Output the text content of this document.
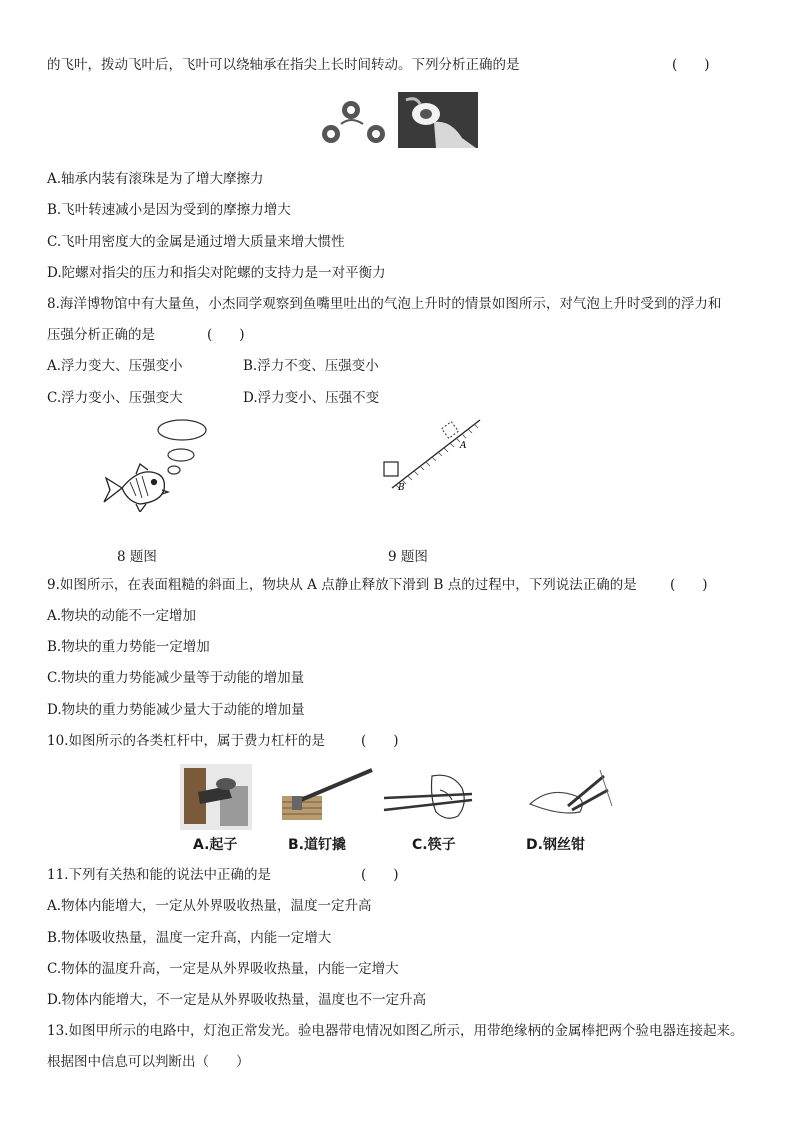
的飞叶，拨动飞叶后，飞叶可以绕轴承在指尖上长时间转动。下列分析正确的是	(　　)
A.轴承内装有滚珠是为了增大摩擦力
B.飞叶转速减小是因为受到的摩擦力增大
C.飞叶用密度大的金属是通过增大质量来增大惯性
D.陀螺对指尖的压力和指尖对陀螺的支持力是一对平衡力
8.海洋博物馆中有大量鱼，小杰同学观察到鱼嘴里吐出的气泡上升时的情景如图所示，对气泡上升时受到的浮力和
压强分析正确的是	(　　)
A.浮力变大、压强变小	B.浮力不变、压强变小
C.浮力变小、压强变大	D.浮力变小、压强不变
A
B
8 题图	9 题图
9.如图所示，在表面粗糙的斜面上，物块从 A 点静止释放下滑到 B 点的过程中，下列说法正确的是 (　　)
A.物块的动能不一定增加
B.物块的重力势能一定增加
C.物块的重力势能减少量等于动能的增加量
D.物块的重力势能减少量大于动能的增加量
10.如图所示的各类杠杆中，属于费力杠杆的是	(　　)
A.起子	B.道钉撬	C.筷子	D.钢丝钳
11.下列有关热和能的说法中正确的是	(　　)
A.物体内能增大，一定从外界吸收热量，温度一定升高
B.物体吸收热量，温度一定升高，内能一定增大
C.物体的温度升高，一定是从外界吸收热量，内能一定增大
D.物体内能增大，不一定是从外界吸收热量，温度也不一定升高
13.如图甲所示的电路中，灯泡正常发光。验电器带电情况如图乙所示，用带绝缘柄的金属棒把两个验电器连接起来。
根据图中信息可以判断出（　　）
